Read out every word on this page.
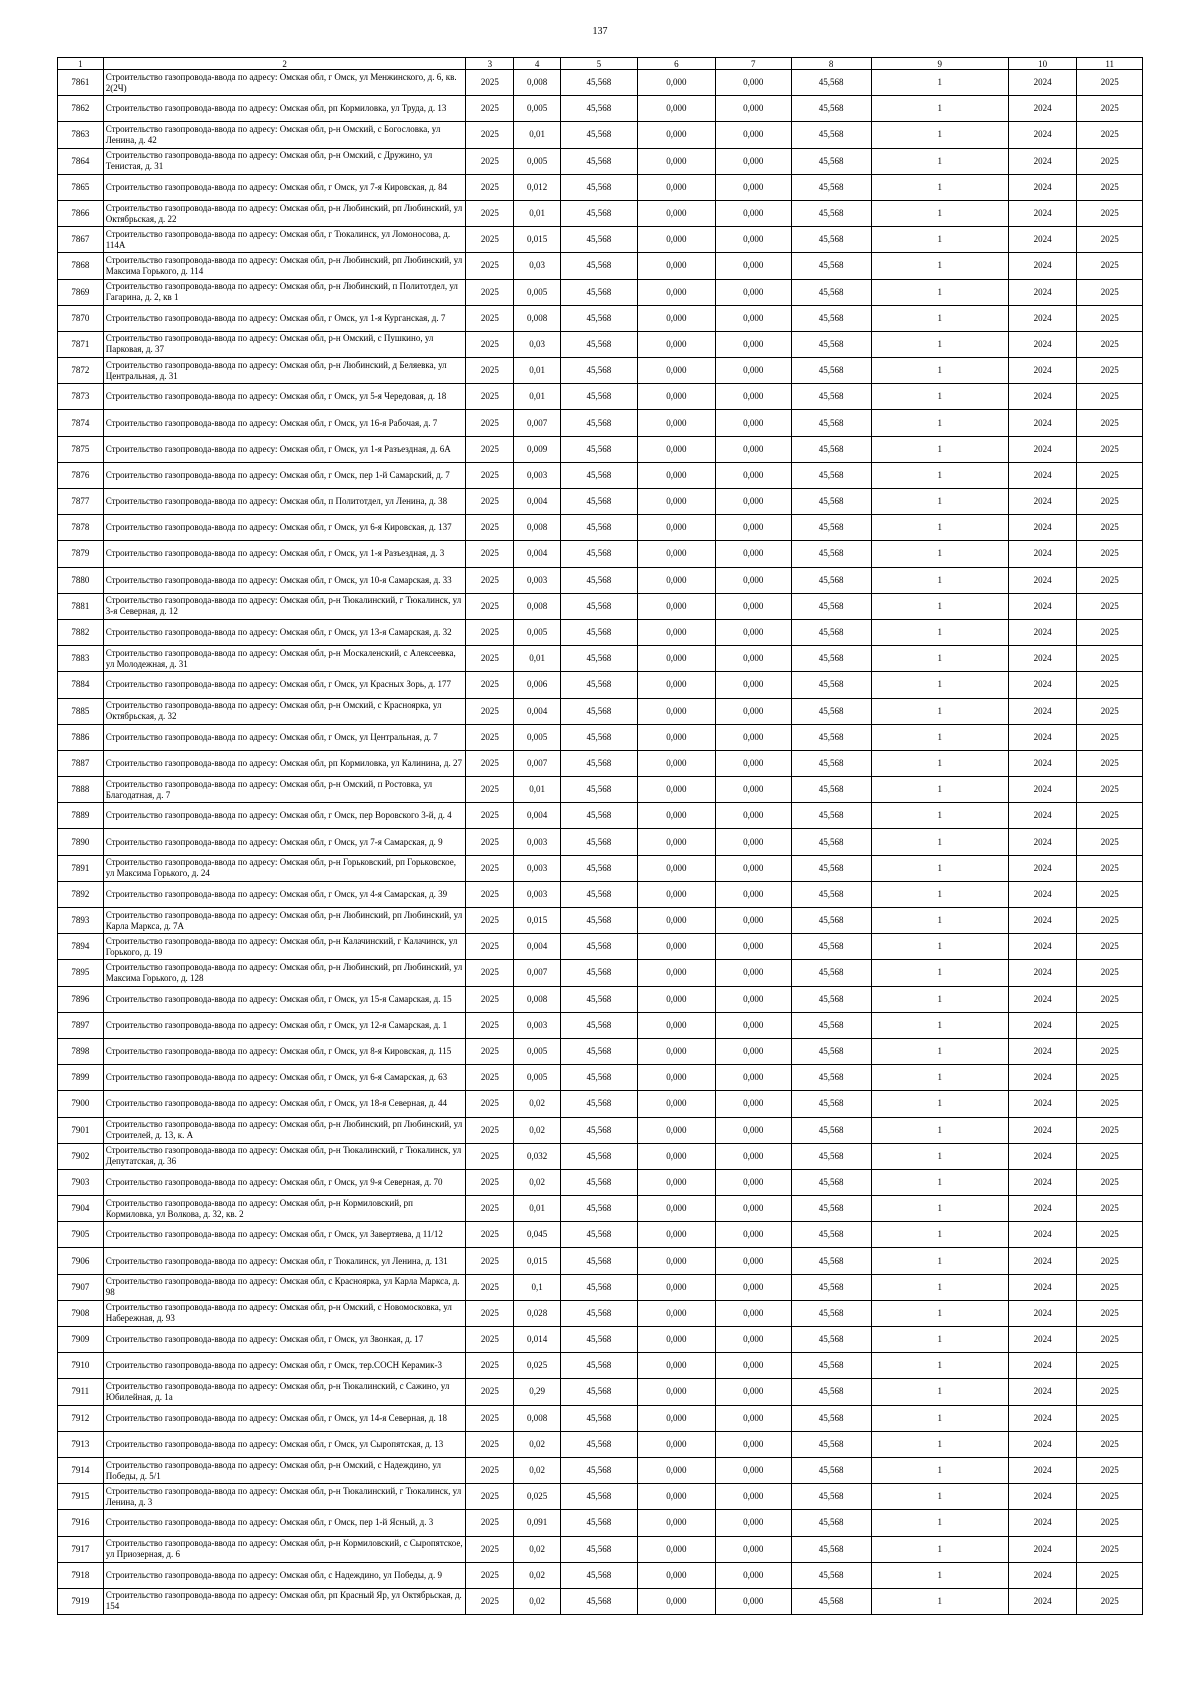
137
1	2	3	4	5	6	7	8	9	10	11
7861	Строительство газопровода-ввода по адресу: Омская обл, г Омск, ул Менжинского, д. 6, кв. 2(2Ч)	2025	0,008	45,568	0,000	0,000	45,568	1	2024	2025
7862	Строительство газопровода-ввода по адресу: Омская обл, рп Кормиловка, ул Труда, д. 13	2025	0,005	45,568	0,000	0,000	45,568	1	2024	2025
7863	Строительство газопровода-ввода по адресу: Омская обл, р-н Омский, с Богословка, ул Ленина, д. 42	2025	0,01	45,568	0,000	0,000	45,568	1	2024	2025
7864	Строительство газопровода-ввода по адресу: Омская обл, р-н Омский, с Дружино, ул Тенистая, д. 31	2025	0,005	45,568	0,000	0,000	45,568	1	2024	2025
7865	Строительство газопровода-ввода по адресу: Омская обл, г Омск, ул 7-я Кировская, д. 84	2025	0,012	45,568	0,000	0,000	45,568	1	2024	2025
7866	Строительство газопровода-ввода по адресу: Омская обл, р-н Любинский, рп Любинский, ул Октябрьская, д. 22	2025	0,01	45,568	0,000	0,000	45,568	1	2024	2025
7867	Строительство газопровода-ввода по адресу: Омская обл, г Тюкалинск, ул Ломоносова, д. 114А	2025	0,015	45,568	0,000	0,000	45,568	1	2024	2025
7868	Строительство газопровода-ввода по адресу: Омская обл, р-н Любинский, рп Любинский, ул Максима Горького, д. 114	2025	0,03	45,568	0,000	0,000	45,568	1	2024	2025
7869	Строительство газопровода-ввода по адресу: Омская обл, р-н Любинский, п Политотдел, ул Гагарина, д. 2, кв 1	2025	0,005	45,568	0,000	0,000	45,568	1	2024	2025
7870	Строительство газопровода-ввода по адресу: Омская обл, г Омск, ул 1-я Курганская, д. 7	2025	0,008	45,568	0,000	0,000	45,568	1	2024	2025
7871	Строительство газопровода-ввода по адресу: Омская обл, р-н Омский, с Пушкино, ул Парковая, д. 37	2025	0,03	45,568	0,000	0,000	45,568	1	2024	2025
7872	Строительство газопровода-ввода по адресу: Омская обл, р-н Любинский, д Беляевка, ул Центральная, д. 31	2025	0,01	45,568	0,000	0,000	45,568	1	2024	2025
7873	Строительство газопровода-ввода по адресу: Омская обл, г Омск, ул 5-я Чередовая, д. 18	2025	0,01	45,568	0,000	0,000	45,568	1	2024	2025
7874	Строительство газопровода-ввода по адресу: Омская обл, г Омск, ул 16-я Рабочая, д. 7	2025	0,007	45,568	0,000	0,000	45,568	1	2024	2025
7875	Строительство газопровода-ввода по адресу: Омская обл, г Омск, ул 1-я Разъездная, д. 6А	2025	0,009	45,568	0,000	0,000	45,568	1	2024	2025
7876	Строительство газопровода-ввода по адресу: Омская обл, г Омск, пер 1-й Самарский, д. 7	2025	0,003	45,568	0,000	0,000	45,568	1	2024	2025
7877	Строительство газопровода-ввода по адресу: Омская обл, п Политотдел, ул Ленина, д. 38	2025	0,004	45,568	0,000	0,000	45,568	1	2024	2025
7878	Строительство газопровода-ввода по адресу: Омская обл, г Омск, ул 6-я Кировская, д. 137	2025	0,008	45,568	0,000	0,000	45,568	1	2024	2025
7879	Строительство газопровода-ввода по адресу: Омская обл, г Омск, ул 1-я Разъездная, д. 3	2025	0,004	45,568	0,000	0,000	45,568	1	2024	2025
7880	Строительство газопровода-ввода по адресу: Омская обл, г Омск, ул 10-я Самарская, д. 33	2025	0,003	45,568	0,000	0,000	45,568	1	2024	2025
7881	Строительство газопровода-ввода по адресу: Омская обл, р-н Тюкалинский, г Тюкалинск, ул 3-я Северная, д. 12	2025	0,008	45,568	0,000	0,000	45,568	1	2024	2025
7882	Строительство газопровода-ввода по адресу: Омская обл, г Омск, ул 13-я Самарская, д. 32	2025	0,005	45,568	0,000	0,000	45,568	1	2024	2025
7883	Строительство газопровода-ввода по адресу: Омская обл, р-н Москаленский, с Алексеевка, ул Молодежная, д. 31	2025	0,01	45,568	0,000	0,000	45,568	1	2024	2025
7884	Строительство газопровода-ввода по адресу: Омская обл, г Омск, ул Красных Зорь, д. 177	2025	0,006	45,568	0,000	0,000	45,568	1	2024	2025
7885	Строительство газопровода-ввода по адресу: Омская обл, р-н Омский, с Красноярка, ул Октябрьская, д. 32	2025	0,004	45,568	0,000	0,000	45,568	1	2024	2025
7886	Строительство газопровода-ввода по адресу: Омская обл, г Омск, ул Центральная, д. 7	2025	0,005	45,568	0,000	0,000	45,568	1	2024	2025
7887	Строительство газопровода-ввода по адресу: Омская обл, рп Кормиловка, ул Калинина, д. 27	2025	0,007	45,568	0,000	0,000	45,568	1	2024	2025
7888	Строительство газопровода-ввода по адресу: Омская обл, р-н Омский, п Ростовка, ул Благодатная, д. 7	2025	0,01	45,568	0,000	0,000	45,568	1	2024	2025
7889	Строительство газопровода-ввода по адресу: Омская обл, г Омск, пер Воровского 3-й, д. 4	2025	0,004	45,568	0,000	0,000	45,568	1	2024	2025
7890	Строительство газопровода-ввода по адресу: Омская обл, г Омск, ул 7-я Самарская, д. 9	2025	0,003	45,568	0,000	0,000	45,568	1	2024	2025
7891	Строительство газопровода-ввода по адресу: Омская обл, р-н Горьковский, рп Горьковское, ул Максима Горького, д. 24	2025	0,003	45,568	0,000	0,000	45,568	1	2024	2025
7892	Строительство газопровода-ввода по адресу: Омская обл, г Омск, ул 4-я Самарская, д. 39	2025	0,003	45,568	0,000	0,000	45,568	1	2024	2025
7893	Строительство газопровода-ввода по адресу: Омская обл, р-н Любинский, рп Любинский, ул Карла Маркса, д. 7А	2025	0,015	45,568	0,000	0,000	45,568	1	2024	2025
7894	Строительство газопровода-ввода по адресу: Омская обл, р-н Калачинский, г Калачинск, ул Горького, д. 19	2025	0,004	45,568	0,000	0,000	45,568	1	2024	2025
7895	Строительство газопровода-ввода по адресу: Омская обл, р-н Любинский, рп Любинский, ул Максима Горького, д. 128	2025	0,007	45,568	0,000	0,000	45,568	1	2024	2025
7896	Строительство газопровода-ввода по адресу: Омская обл, г Омск, ул 15-я Самарская, д. 15	2025	0,008	45,568	0,000	0,000	45,568	1	2024	2025
7897	Строительство газопровода-ввода по адресу: Омская обл, г Омск, ул 12-я Самарская, д. 1	2025	0,003	45,568	0,000	0,000	45,568	1	2024	2025
7898	Строительство газопровода-ввода по адресу: Омская обл, г Омск, ул 8-я Кировская, д. 115	2025	0,005	45,568	0,000	0,000	45,568	1	2024	2025
7899	Строительство газопровода-ввода по адресу: Омская обл, г Омск, ул 6-я Самарская, д. 63	2025	0,005	45,568	0,000	0,000	45,568	1	2024	2025
7900	Строительство газопровода-ввода по адресу: Омская обл, г Омск, ул 18-я Северная, д. 44	2025	0,02	45,568	0,000	0,000	45,568	1	2024	2025
7901	Строительство газопровода-ввода по адресу: Омская обл, р-н Любинский, рп Любинский, ул Строителей, д. 13, к. А	2025	0,02	45,568	0,000	0,000	45,568	1	2024	2025
7902	Строительство газопровода-ввода по адресу: Омская обл, р-н Тюкалинский, г Тюкалинск, ул Депутатская, д. 36	2025	0,032	45,568	0,000	0,000	45,568	1	2024	2025
7903	Строительство газопровода-ввода по адресу: Омская обл, г Омск, ул 9-я Северная, д. 70	2025	0,02	45,568	0,000	0,000	45,568	1	2024	2025
7904	Строительство газопровода-ввода по адресу: Омская обл, р-н Кормиловский, рп Кормиловка, ул Волкова, д. 32, кв. 2	2025	0,01	45,568	0,000	0,000	45,568	1	2024	2025
7905	Строительство газопровода-ввода по адресу: Омская обл, г Омск, ул Завертяева, д 11/12	2025	0,045	45,568	0,000	0,000	45,568	1	2024	2025
7906	Строительство газопровода-ввода по адресу: Омская обл, г Тюкалинск, ул Ленина, д. 131	2025	0,015	45,568	0,000	0,000	45,568	1	2024	2025
7907	Строительство газопровода-ввода по адресу: Омская обл, с Красноярка, ул Карла Маркса, д. 98	2025	0,1	45,568	0,000	0,000	45,568	1	2024	2025
7908	Строительство газопровода-ввода по адресу: Омская обл, р-н Омский, с Новомосковка, ул Набережная, д. 93	2025	0,028	45,568	0,000	0,000	45,568	1	2024	2025
7909	Строительство газопровода-ввода по адресу: Омская обл, г Омск, ул Звонкая, д. 17	2025	0,014	45,568	0,000	0,000	45,568	1	2024	2025
7910	Строительство газопровода-ввода по адресу: Омская обл, г Омск, тер.СОСН Керамик-3	2025	0,025	45,568	0,000	0,000	45,568	1	2024	2025
7911	Строительство газопровода-ввода по адресу: Омская обл, р-н Тюкалинский, с Сажино, ул Юбилейная, д. 1а	2025	0,29	45,568	0,000	0,000	45,568	1	2024	2025
7912	Строительство газопровода-ввода по адресу: Омская обл, г Омск, ул 14-я Северная, д. 18	2025	0,008	45,568	0,000	0,000	45,568	1	2024	2025
7913	Строительство газопровода-ввода по адресу: Омская обл, г Омск, ул Сыропятская, д. 13	2025	0,02	45,568	0,000	0,000	45,568	1	2024	2025
7914	Строительство газопровода-ввода по адресу: Омская обл, р-н Омский, с Надеждино, ул Победы, д. 5/1	2025	0,02	45,568	0,000	0,000	45,568	1	2024	2025
7915	Строительство газопровода-ввода по адресу: Омская обл, р-н Тюкалинский, г Тюкалинск, ул Ленина, д. 3	2025	0,025	45,568	0,000	0,000	45,568	1	2024	2025
7916	Строительство газопровода-ввода по адресу: Омская обл, г Омск, пер 1-й Ясный, д. 3	2025	0,091	45,568	0,000	0,000	45,568	1	2024	2025
7917	Строительство газопровода-ввода по адресу: Омская обл, р-н Кормиловский, с Сыропятское, ул Приозерная, д. 6	2025	0,02	45,568	0,000	0,000	45,568	1	2024	2025
7918	Строительство газопровода-ввода по адресу: Омская обл, с Надеждино, ул Победы, д. 9	2025	0,02	45,568	0,000	0,000	45,568	1	2024	2025
7919	Строительство газопровода-ввода по адресу: Омская обл, рп Красный Яр, ул Октябрьская, д. 154	2025	0,02	45,568	0,000	0,000	45,568	1	2024	2025
